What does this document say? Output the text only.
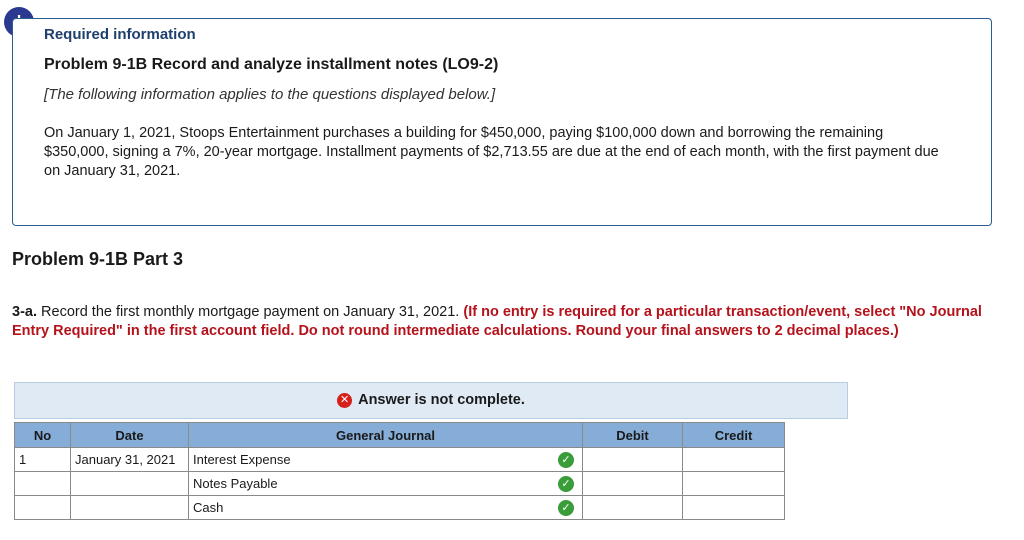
Required information
Problem 9-1B Record and analyze installment notes (LO9-2)
[The following information applies to the questions displayed below.]
On January 1, 2021, Stoops Entertainment purchases a building for $450,000, paying $100,000 down and borrowing the remaining $350,000, signing a 7%, 20-year mortgage. Installment payments of $2,713.55 are due at the end of each month, with the first payment due on January 31, 2021.
Problem 9-1B Part 3
3-a. Record the first monthly mortgage payment on January 31, 2021. (If no entry is required for a particular transaction/event, select "No Journal Entry Required" in the first account field. Do not round intermediate calculations. Round your final answers to 2 decimal places.)
✕ Answer is not complete.
No	Date	General Journal	Debit	Credit
1	January 31, 2021	Interest Expense ✓		

		Notes Payable ✓		

		Cash ✓		
